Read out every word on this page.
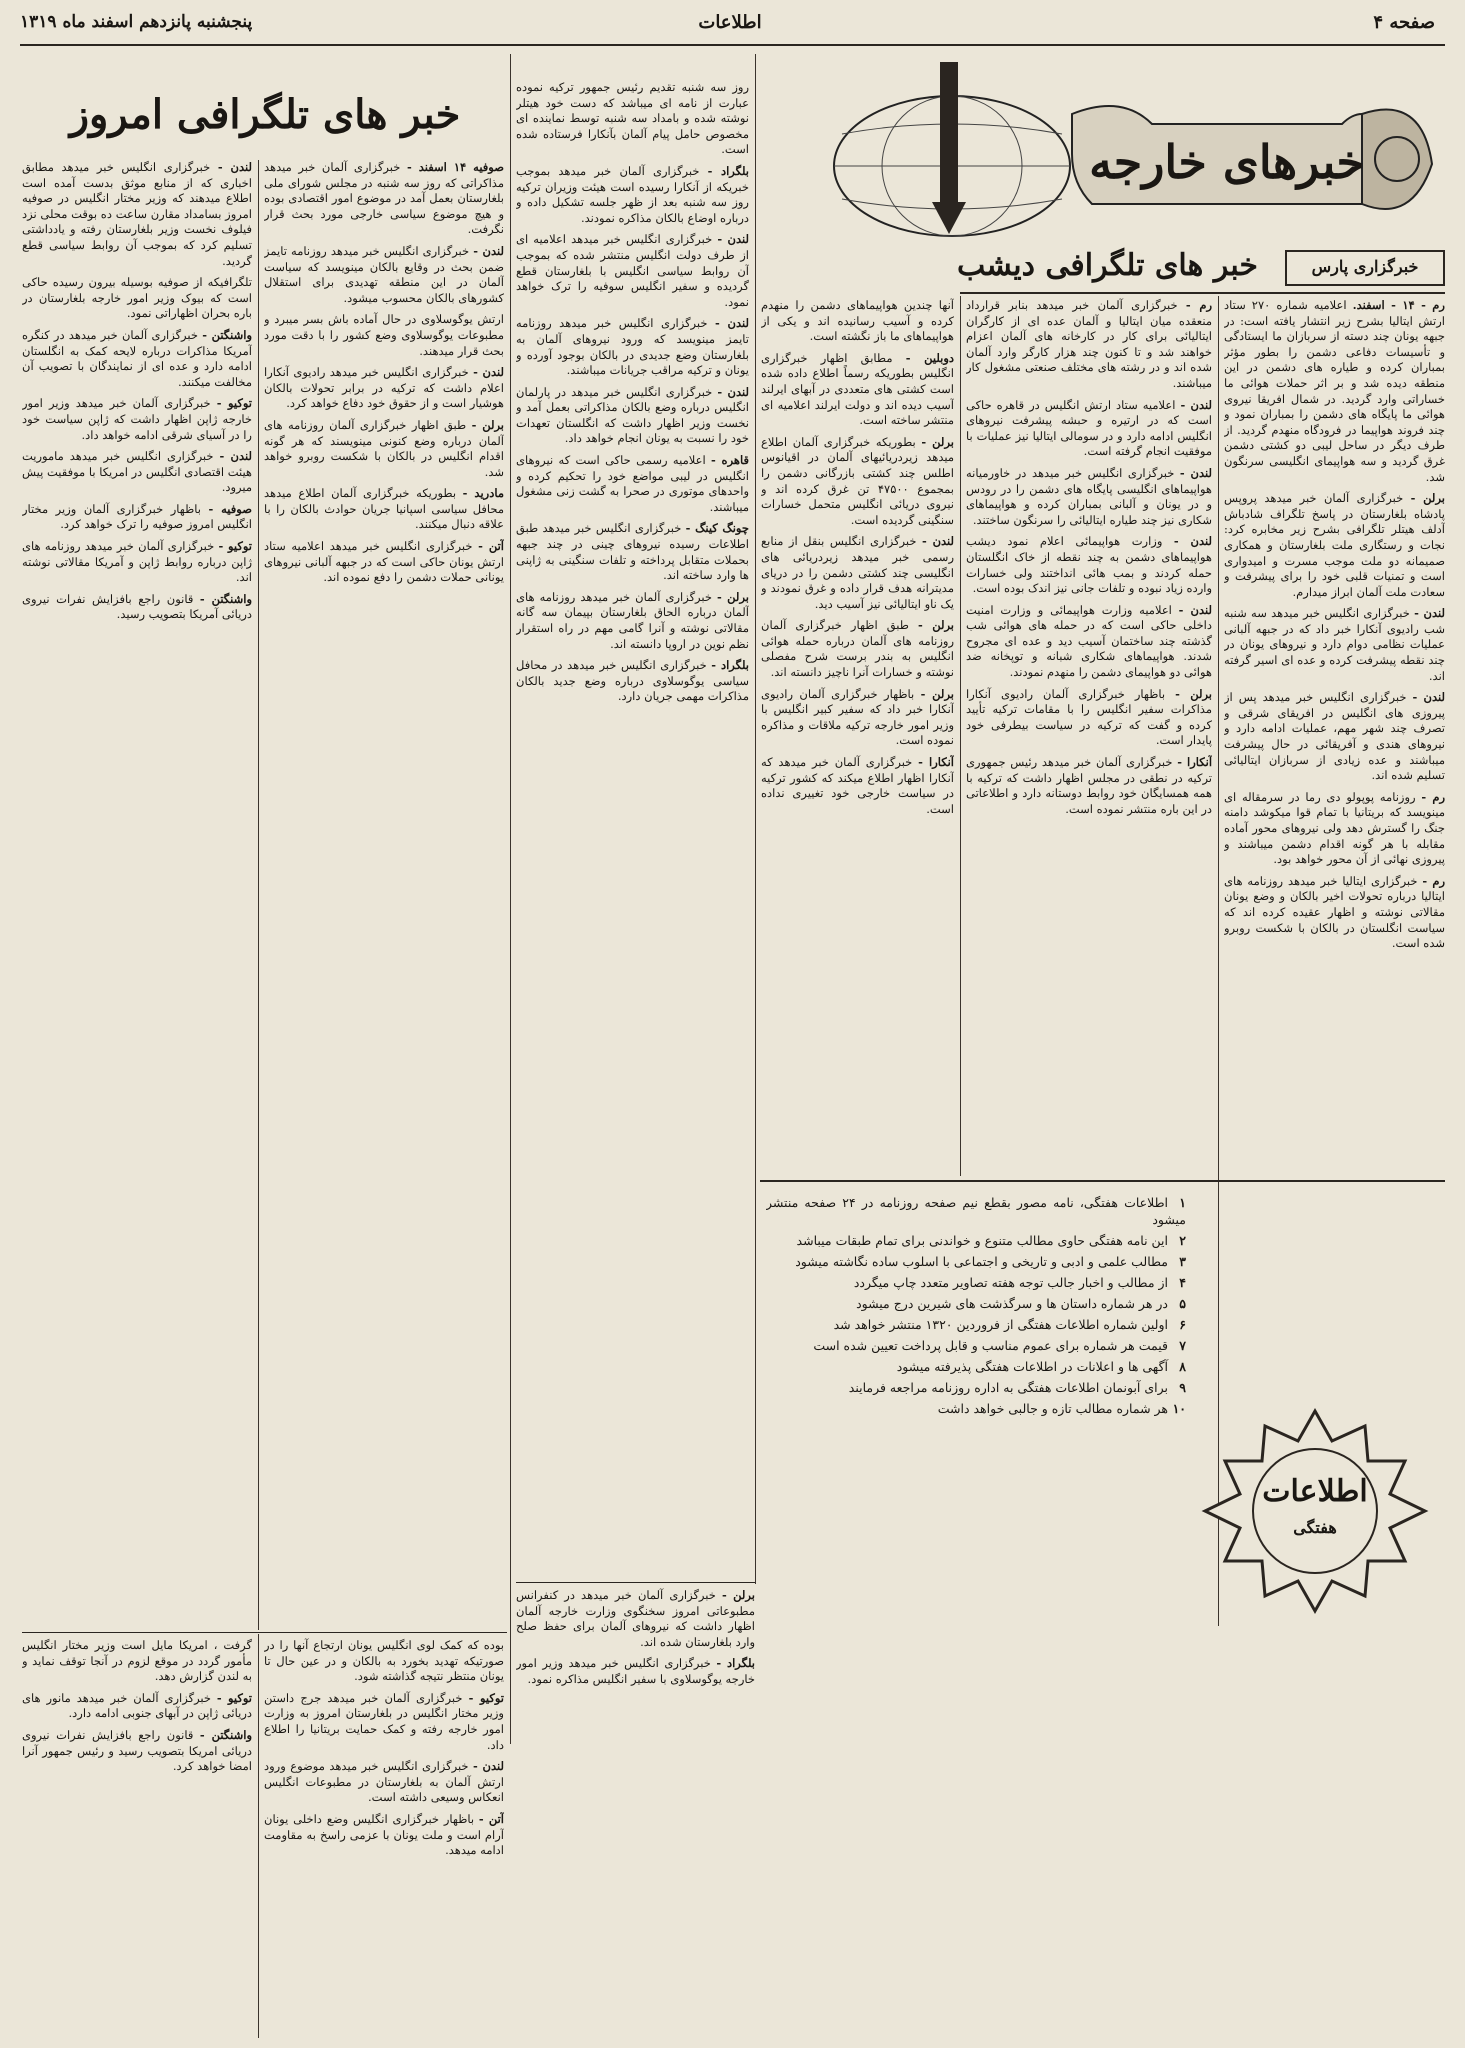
صفحه ۴
اطلاعات
پنجشنبه پانزدهم اسفند ماه ۱۳۱۹
خبرهای خارجه
خبرگزاری پارس
خبر های تلگرافی دیشب
خبر های تلگرافی امروز

رم - ۱۴ - اسفند. اعلامیه شماره ۲۷۰ ستاد ارتش ایتالیا بشرح زیر انتشار یافته است: در جبهه یونان چند دسته از سربازان ما ایستادگی و تأسیسات دفاعی دشمن را بطور مؤثر بمباران کرده و طیاره های دشمن در این منطقه دیده شد و بر اثر حملات هوائی ما خساراتی وارد گردید. در شمال افریقا نیروی هوائی ما پایگاه های دشمن را بمباران نمود و چند فروند هواپیما در فرودگاه منهدم گردید. از طرف دیگر در ساحل لیبی دو کشتی دشمن غرق گردید و سه هواپیمای انگلیسی سرنگون شد.

برلن - خبرگزاری آلمان خبر میدهد پروپس پادشاه بلغارستان در پاسخ تلگراف شادباش آدلف هیتلر تلگرافی بشرح زیر مخابره کرد: نجات و رستگاری ملت بلغارستان و همکاری صمیمانه دو ملت موجب مسرت و امیدواری است و تمنیات قلبی خود را برای پیشرفت و سعادت ملت آلمان ابراز میدارم.

لندن - خبرگزاری انگلیس خبر میدهد سه شنبه شب رادیوی آنکارا خبر داد که در جبهه آلبانی عملیات نظامی دوام دارد و نیروهای یونان در چند نقطه پیشرفت کرده و عده ای اسیر گرفته اند.

لندن - خبرگزاری انگلیس خبر میدهد پس از پیروزی های انگلیس در افریقای شرقی و تصرف چند شهر مهم، عملیات ادامه دارد و نیروهای هندی و آفریقائی در حال پیشرفت میباشند و عده زیادی از سربازان ایتالیائی تسلیم شده اند.

رم - روزنامه پوپولو دی رما در سرمقاله ای مینویسد که بریتانیا با تمام قوا میکوشد دامنه جنگ را گسترش دهد ولی نیروهای محور آماده مقابله با هر گونه اقدام دشمن میباشند و پیروزی نهائی از آن محور خواهد بود.

رم - خبرگزاری ایتالیا خبر میدهد روزنامه های ایتالیا درباره تحولات اخیر بالکان و وضع یونان مقالاتی نوشته و اظهار عقیده کرده اند که سیاست انگلستان در بالکان با شکست روبرو شده است.

رم - خبرگزاری آلمان خبر میدهد بنابر قرارداد منعقده میان ایتالیا و آلمان عده ای از کارگران ایتالیائی برای کار در کارخانه های آلمان اعزام خواهند شد و تا کنون چند هزار کارگر وارد آلمان شده اند و در رشته های مختلف صنعتی مشغول کار میباشند.

لندن - اعلامیه ستاد ارتش انگلیس در قاهره حاکی است که در ارتیره و حبشه پیشرفت نیروهای انگلیس ادامه دارد و در سومالی ایتالیا نیز عملیات با موفقیت انجام گرفته است.

لندن - خبرگزاری انگلیس خبر میدهد در خاورمیانه هواپیماهای انگلیسی پایگاه های دشمن را در رودس و در یونان و آلبانی بمباران کرده و هواپیماهای شکاری نیز چند طیاره ایتالیائی را سرنگون ساختند.

لندن - وزارت هواپیمائی اعلام نمود دیشب هواپیماهای دشمن به چند نقطه از خاک انگلستان حمله کردند و بمب هائی انداختند ولی خسارات وارده زیاد نبوده و تلفات جانی نیز اندک بوده است.

لندن - اعلامیه وزارت هواپیمائی و وزارت امنیت داخلی حاکی است که در حمله های هوائی شب گذشته چند ساختمان آسیب دید و عده ای مجروح شدند. هواپیماهای شکاری شبانه و توپخانه ضد هوائی دو هواپیمای دشمن را منهدم نمودند.

برلن - باظهار خبرگزاری آلمان رادیوی آنکارا مذاکرات سفیر انگلیس را با مقامات ترکیه تأیید کرده و گفت که ترکیه در سیاست بیطرفی خود پایدار است.

آنکارا - خبرگزاری آلمان خبر میدهد رئیس جمهوری ترکیه در نطقی در مجلس اظهار داشت که ترکیه با همه همسایگان خود روابط دوستانه دارد و اطلاعاتی در این باره منتشر نموده است.

آنها چندین هواپیماهای دشمن را منهدم کرده و آسیب رسانیده اند و یکی از هواپیماهای ما باز نگشته است.

دوبلین - مطابق اظهار خبرگزاری انگلیس بطوریکه رسماً اطلاع داده شده است کشتی های متعددی در آبهای ایرلند آسیب دیده اند و دولت ایرلند اعلامیه ای منتشر ساخته است.

برلن - بطوریکه خبرگزاری آلمان اطلاع میدهد زیردریائیهای آلمان در اقیانوس اطلس چند کشتی بازرگانی دشمن را بمجموع ۴۷۵۰۰ تن غرق کرده اند و نیروی دریائی انگلیس متحمل خسارات سنگینی گردیده است.

لندن - خبرگزاری انگلیس بنقل از منابع رسمی خبر میدهد زیردریائی های انگلیسی چند کشتی دشمن را در دریای مدیترانه هدف قرار داده و غرق نمودند و یک ناو ایتالیائی نیز آسیب دید.

برلن - طبق اظهار خبرگزاری آلمان روزنامه های آلمان درباره حمله هوائی انگلیس به بندر برست شرح مفصلی نوشته و خسارات آنرا ناچیز دانسته اند.

برلن - باظهار خبرگزاری آلمان رادیوی آنکارا خبر داد که سفیر کبیر انگلیس با وزیر امور خارجه ترکیه ملاقات و مذاکره نموده است.

آنکارا - خبرگزاری آلمان خبر میدهد که آنکارا اظهار اطلاع میکند که کشور ترکیه در سیاست خارجی خود تغییری نداده است.

روز سه شنبه تقدیم رئیس جمهور ترکیه نموده عبارت از نامه ای میباشد که دست خود هیتلر نوشته شده و بامداد سه شنبه توسط نماینده ای مخصوص حامل پیام آلمان بآنکارا فرستاده شده است.

بلگراد - خبرگزاری آلمان خبر میدهد بموجب خبریکه از آنکارا رسیده است هیئت وزیران ترکیه روز سه شنبه بعد از ظهر جلسه تشکیل داده و درباره اوضاع بالکان مذاکره نمودند.

لندن - خبرگزاری انگلیس خبر میدهد اعلامیه ای از طرف دولت انگلیس منتشر شده که بموجب آن روابط سیاسی انگلیس با بلغارستان قطع گردیده و سفیر انگلیس سوفیه را ترک خواهد نمود.

لندن - خبرگزاری انگلیس خبر میدهد روزنامه تایمز مینویسد که ورود نیروهای آلمان به بلغارستان وضع جدیدی در بالکان بوجود آورده و یونان و ترکیه مراقب جریانات میباشند.

لندن - خبرگزاری انگلیس خبر میدهد در پارلمان انگلیس درباره وضع بالکان مذاکراتی بعمل آمد و نخست وزیر اظهار داشت که انگلستان تعهدات خود را نسبت به یونان انجام خواهد داد.

قاهره - اعلامیه رسمی حاکی است که نیروهای انگلیس در لیبی مواضع خود را تحکیم کرده و واحدهای موتوری در صحرا به گشت زنی مشغول میباشند.

چونگ کینگ - خبرگزاری انگلیس خبر میدهد طبق اطلاعات رسیده نیروهای چینی در چند جبهه بحملات متقابل پرداخته و تلفات سنگینی به ژاپنی ها وارد ساخته اند.

برلن - خبرگزاری آلمان خبر میدهد روزنامه های آلمان درباره الحاق بلغارستان بپیمان سه گانه مقالاتی نوشته و آنرا گامی مهم در راه استقرار نظم نوین در اروپا دانسته اند.

بلگراد - خبرگزاری انگلیس خبر میدهد در محافل سیاسی یوگوسلاوی درباره وضع جدید بالکان مذاکرات مهمی جریان دارد.

صوفیه ۱۴ اسفند - خبرگزاری آلمان خبر میدهد مذاکراتی که روز سه شنبه در مجلس شورای ملی بلغارستان بعمل آمد در موضوع امور اقتصادی بوده و هیچ موضوع سیاسی خارجی مورد بحث قرار نگرفت.

لندن - خبرگزاری انگلیس خبر میدهد روزنامه تایمز ضمن بحث در وقایع بالکان مینویسد که سیاست آلمان در این منطقه تهدیدی برای استقلال کشورهای بالکان محسوب میشود.

ارتش یوگوسلاوی در حال آماده باش بسر میبرد و مطبوعات یوگوسلاوی وضع کشور را با دقت مورد بحث قرار میدهند.

لندن - خبرگزاری انگلیس خبر میدهد رادیوی آنکارا اعلام داشت که ترکیه در برابر تحولات بالکان هوشیار است و از حقوق خود دفاع خواهد کرد.

برلن - طبق اظهار خبرگزاری آلمان روزنامه های آلمان درباره وضع کنونی مینویسند که هر گونه اقدام انگلیس در بالکان با شکست روبرو خواهد شد.

مادرید - بطوریکه خبرگزاری آلمان اطلاع میدهد محافل سیاسی اسپانیا جریان حوادث بالکان را با علاقه دنبال میکنند.

آتن - خبرگزاری انگلیس خبر میدهد اعلامیه ستاد ارتش یونان حاکی است که در جبهه آلبانی نیروهای یونانی حملات دشمن را دفع نموده اند.

لندن - خبرگزاری انگلیس خبر میدهد مطابق اخباری که از منابع موثق بدست آمده است اطلاع میدهند که وزیر مختار انگلیس در صوفیه امروز بسامداد مقارن ساعت ده بوقت محلی نزد فیلوف نخست وزیر بلغارستان رفته و یادداشتی تسلیم کرد که بموجب آن روابط سیاسی قطع گردید.

تلگرافیکه از صوفیه بوسیله بیرون رسیده حاکی است که بیوک وزیر امور خارجه بلغارستان در باره بحران اظهاراتی نمود.

واشنگتن - خبرگزاری آلمان خبر میدهد در کنگره آمریکا مذاکرات درباره لایحه کمک به انگلستان ادامه دارد و عده ای از نمایندگان با تصویب آن مخالفت میکنند.

توکیو - خبرگزاری آلمان خبر میدهد وزیر امور خارجه ژاپن اظهار داشت که ژاپن سیاست خود را در آسیای شرقی ادامه خواهد داد.

لندن - خبرگزاری انگلیس خبر میدهد ماموریت هیئت اقتصادی انگلیس در امریکا با موفقیت پیش میرود.

صوفیه - باظهار خبرگزاری آلمان وزیر مختار انگلیس امروز صوفیه را ترک خواهد کرد.

توکیو - خبرگزاری آلمان خبر میدهد روزنامه های ژاپن درباره روابط ژاپن و آمریکا مقالاتی نوشته اند.

واشنگتن - قانون راجع بافزایش نفرات نیروی دریائی آمریکا بتصویب رسید.

اطلاعات
هفتگی
۱اطلاعات هفتگی، نامه مصور بقطع نیم صفحه روزنامه در ۲۴ صفحه منتشر میشود
۲این نامه هفتگی حاوی مطالب متنوع و خواندنی برای تمام طبقات میباشد
۳مطالب علمی و ادبی و تاریخی و اجتماعی با اسلوب ساده نگاشته میشود
۴از مطالب و اخبار جالب توجه هفته تصاویر متعدد چاپ میگردد
۵در هر شماره داستان ها و سرگذشت های شیرین درج میشود
۶اولین شماره اطلاعات هفتگی از فروردین ۱۳۲۰ منتشر خواهد شد
۷قیمت هر شماره برای عموم مناسب و قابل پرداخت تعیین شده است
۸آگهی ها و اعلانات در اطلاعات هفتگی پذیرفته میشود
۹برای آبونمان اطلاعات هفتگی به اداره روزنامه مراجعه فرمایند
۱۰هر شماره مطالب تازه و جالبی خواهد داشت

بوده که کمک لوی انگلیس یونان ارتجاع آنها را در صورتیکه تهدید بخورد به بالکان و در عین حال تا یونان منتظر نتیجه گذاشته شود.

توکیو - خبرگزاری آلمان خبر میدهد جرج داستن وزیر مختار انگلیس در بلغارستان امروز به وزارت امور خارجه رفته و کمک حمایت بریتانیا را اطلاع داد.

لندن - خبرگزاری انگلیس خبر میدهد موضوع ورود ارتش آلمان به بلغارستان در مطبوعات انگلیس انعکاس وسیعی داشته است.

آتن - باظهار خبرگزاری انگلیس وضع داخلی یونان آرام است و ملت یونان با عزمی راسخ به مقاومت ادامه میدهد.

برلن - خبرگزاری آلمان خبر میدهد در کنفرانس مطبوعاتی امروز سخنگوی وزارت خارجه آلمان اظهار داشت که نیروهای آلمان برای حفظ صلح وارد بلغارستان شده اند.

بلگراد - خبرگزاری انگلیس خبر میدهد وزیر امور خارجه یوگوسلاوی با سفیر انگلیس مذاکره نمود.

گرفت ، امریکا مایل است وزیر مختار انگلیس مأمور گردد در موقع لزوم در آنجا توقف نماید و به لندن گزارش دهد.

توکیو - خبرگزاری آلمان خبر میدهد مانور های دریائی ژاپن در آبهای جنوبی ادامه دارد.

واشنگتن - قانون راجع بافزایش نفرات نیروی دریائی امریکا بتصویب رسید و رئیس جمهور آنرا امضا خواهد کرد.
